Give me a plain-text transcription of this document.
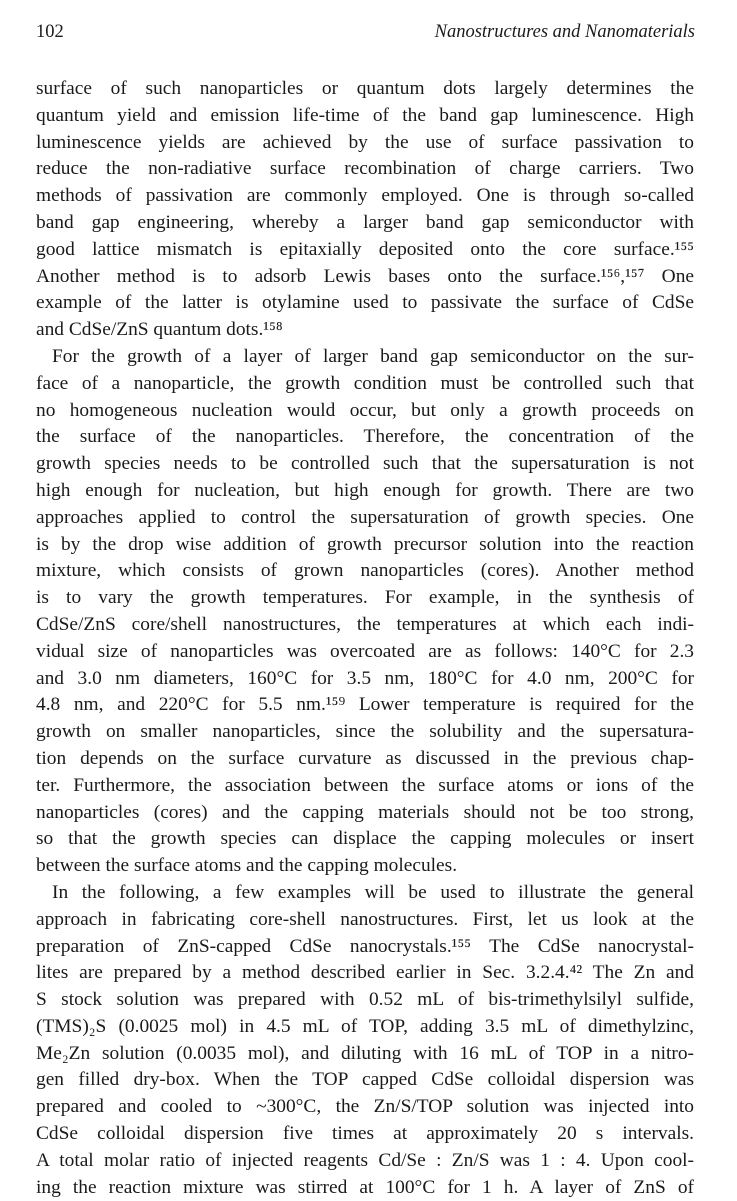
102	Nanostructures and Nanomaterials
surface of such nanoparticles or quantum dots largely determines the
quantum yield and emission life-time of the band gap luminescence. High
luminescence yields are achieved by the use of surface passivation to
reduce the non-radiative surface recombination of charge carriers. Two
methods of passivation are commonly employed. One is through so-called
band gap engineering, whereby a larger band gap semiconductor with
good lattice mismatch is epitaxially deposited onto the core surface.¹⁵⁵
Another method is to adsorb Lewis bases onto the surface.¹⁵⁶,¹⁵⁷ One
example of the latter is otylamine used to passivate the surface of CdSe
and CdSe/ZnS quantum dots.¹⁵⁸
For the growth of a layer of larger band gap semiconductor on the sur-
face of a nanoparticle, the growth condition must be controlled such that
no homogeneous nucleation would occur, but only a growth proceeds on
the surface of the nanoparticles. Therefore, the concentration of the
growth species needs to be controlled such that the supersaturation is not
high enough for nucleation, but high enough for growth. There are two
approaches applied to control the supersaturation of growth species. One
is by the drop wise addition of growth precursor solution into the reaction
mixture, which consists of grown nanoparticles (cores). Another method
is to vary the growth temperatures. For example, in the synthesis of
CdSe/ZnS core/shell nanostructures, the temperatures at which each indi-
vidual size of nanoparticles was overcoated are as follows: 140°C for 2.3
and 3.0 nm diameters, 160°C for 3.5 nm, 180°C for 4.0 nm, 200°C for
4.8 nm, and 220°C for 5.5 nm.¹⁵⁹ Lower temperature is required for the
growth on smaller nanoparticles, since the solubility and the supersatura-
tion depends on the surface curvature as discussed in the previous chap-
ter. Furthermore, the association between the surface atoms or ions of the
nanoparticles (cores) and the capping materials should not be too strong,
so that the growth species can displace the capping molecules or insert
between the surface atoms and the capping molecules.
In the following, a few examples will be used to illustrate the general
approach in fabricating core-shell nanostructures. First, let us look at the
preparation of ZnS-capped CdSe nanocrystals.¹⁵⁵ The CdSe nanocrystal-
lites are prepared by a method described earlier in Sec. 3.2.4.⁴² The Zn and
S stock solution was prepared with 0.52 mL of bis-trimethylsilyl sulfide,
(TMS)₂S (0.0025 mol) in 4.5 mL of TOP, adding 3.5 mL of dimethylzinc,
Me₂Zn solution (0.0035 mol), and diluting with 16 mL of TOP in a nitro-
gen filled dry-box. When the TOP capped CdSe colloidal dispersion was
prepared and cooled to ~300°C, the Zn/S/TOP solution was injected into
CdSe colloidal dispersion five times at approximately 20 s intervals.
A total molar ratio of injected reagents Cd/Se : Zn/S was 1 : 4. Upon cool-
ing the reaction mixture was stirred at 100°C for 1 h. A layer of ZnS of
